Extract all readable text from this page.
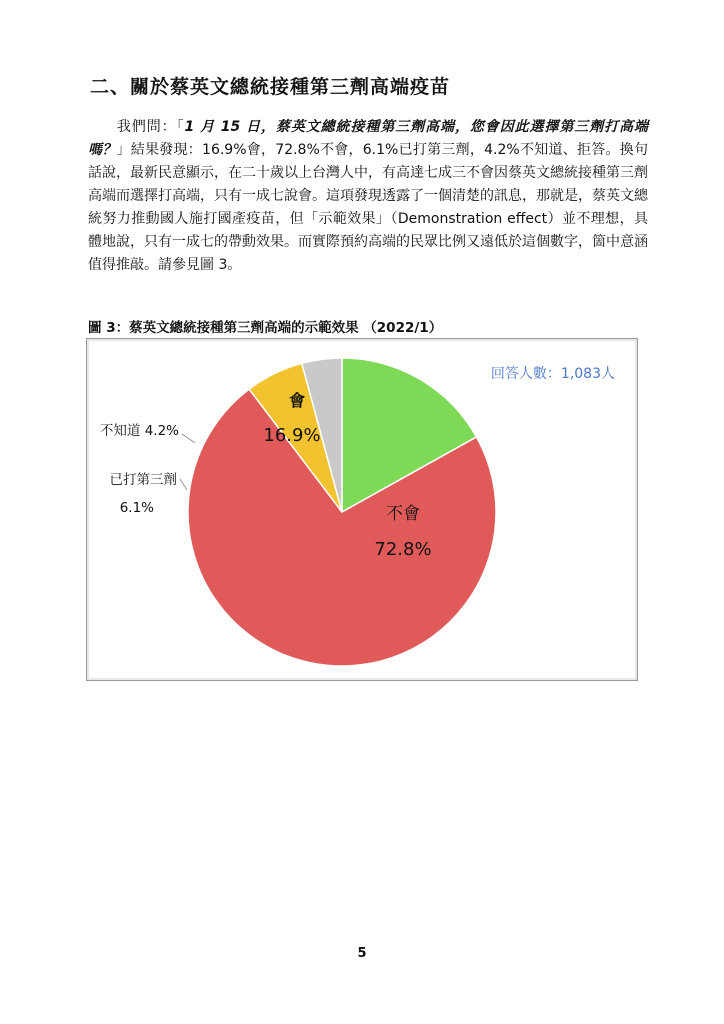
二、關於蔡英文總統接種第三劑高端疫苗
我們問：「1 月 15 日，蔡英文總統接種第三劑高端，您會因此選擇第三劑打高端嗎？」結果發現：16.9%會，72.8%不會，6.1%已打第三劑，4.2%不知道、拒答。換句話說，最新民意顯示，在二十歲以上台灣人中，有高達七成三不會因蔡英文總統接種第三劑高端而選擇打高端，只有一成七說會。這項發現透露了一個清楚的訊息，那就是，蔡英文總統努力推動國人施打國產疫苗，但「示範效果」（Demonstration effect）並不理想，具體地說，只有一成七的帶動效果。而實際預約高端的民眾比例又遠低於這個數字，箇中意涵值得推敲。請參見圖 3。
圖 3：蔡英文總統接種第三劑高端的示範效果 （2022/1）
會
16.9%
不會
72.8%
已打第三劑
6.1%
不知道 4.2%
回答人數：1,083人
5
